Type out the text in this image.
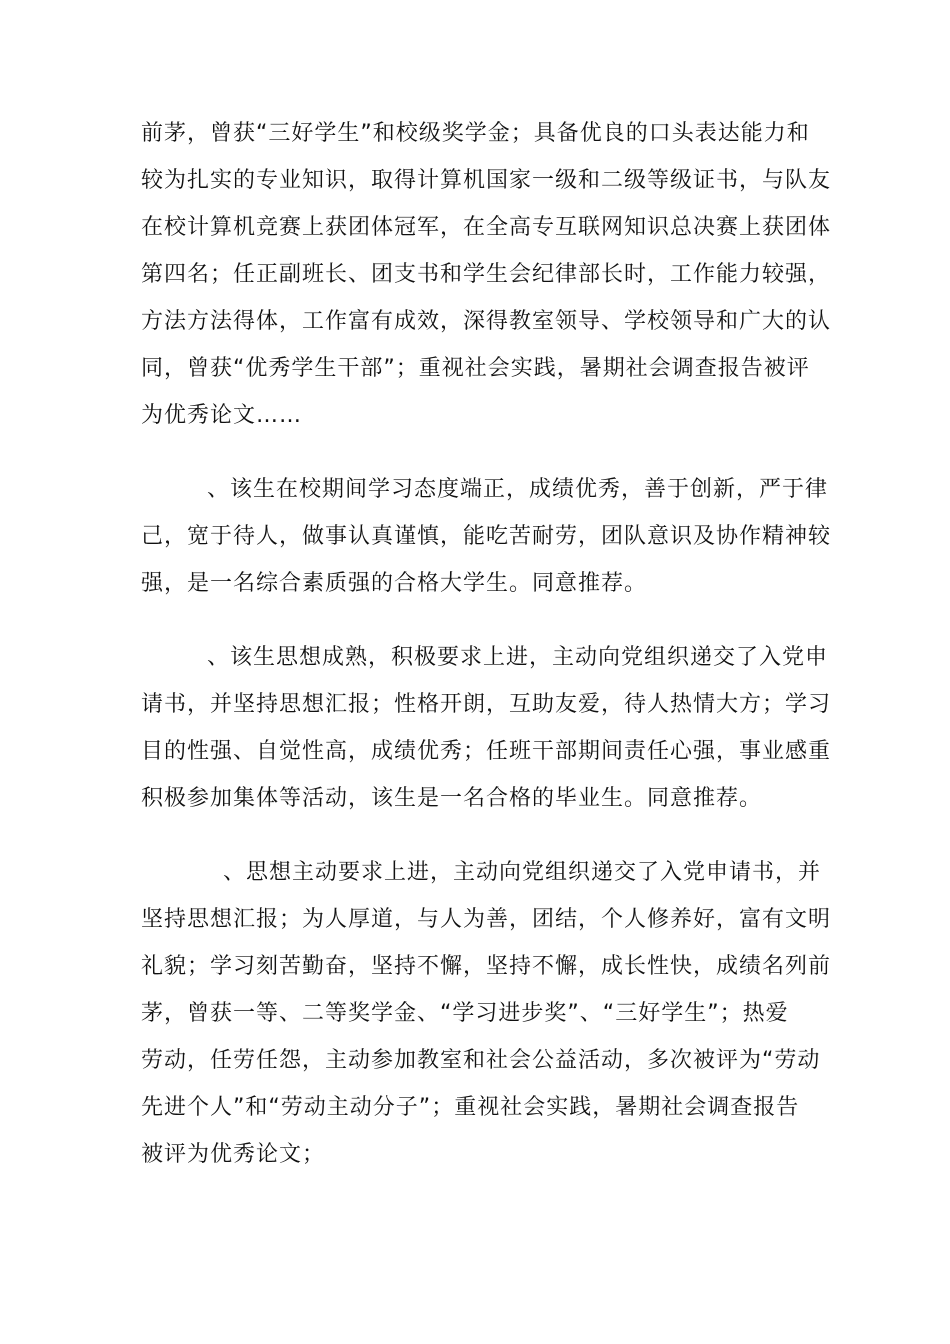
前茅，曾获“三好学生”和校级奖学金；具备优良的口头表达能力和
较为扎实的专业知识，取得计算机国家一级和二级等级证书，与队友
在校计算机竞赛上获团体冠军，在全高专互联网知识总决赛上获团体
第四名；任正副班长、团支书和学生会纪律部长时，工作能力较强，
方法方法得体，工作富有成效，深得教室领导、学校领导和广大的认
同，曾获“优秀学生干部”；重视社会实践，暑期社会调查报告被评
为优秀论文……

、该生在校期间学习态度端正，成绩优秀，善于创新，严于律
己，宽于待人，做事认真谨慎，能吃苦耐劳，团队意识及协作精神较
强，是一名综合素质强的合格大学生。同意推荐。

、该生思想成熟，积极要求上进，主动向党组织递交了入党申
请书，并坚持思想汇报；性格开朗，互助友爱，待人热情大方；学习
目的性强、自觉性高，成绩优秀；任班干部期间责任心强，事业感重
积极参加集体等活动，该生是一名合格的毕业生。同意推荐。

、思想主动要求上进，主动向党组织递交了入党申请书，并
坚持思想汇报；为人厚道，与人为善，团结，个人修养好，富有文明
礼貌；学习刻苦勤奋，坚持不懈，坚持不懈，成长性快，成绩名列前
茅，曾获一等、二等奖学金、“学习进步奖”、“三好学生”；热爱
劳动，任劳任怨，主动参加教室和社会公益活动，多次被评为“劳动
先进个人”和“劳动主动分子”；重视社会实践，暑期社会调查报告
被评为优秀论文；
